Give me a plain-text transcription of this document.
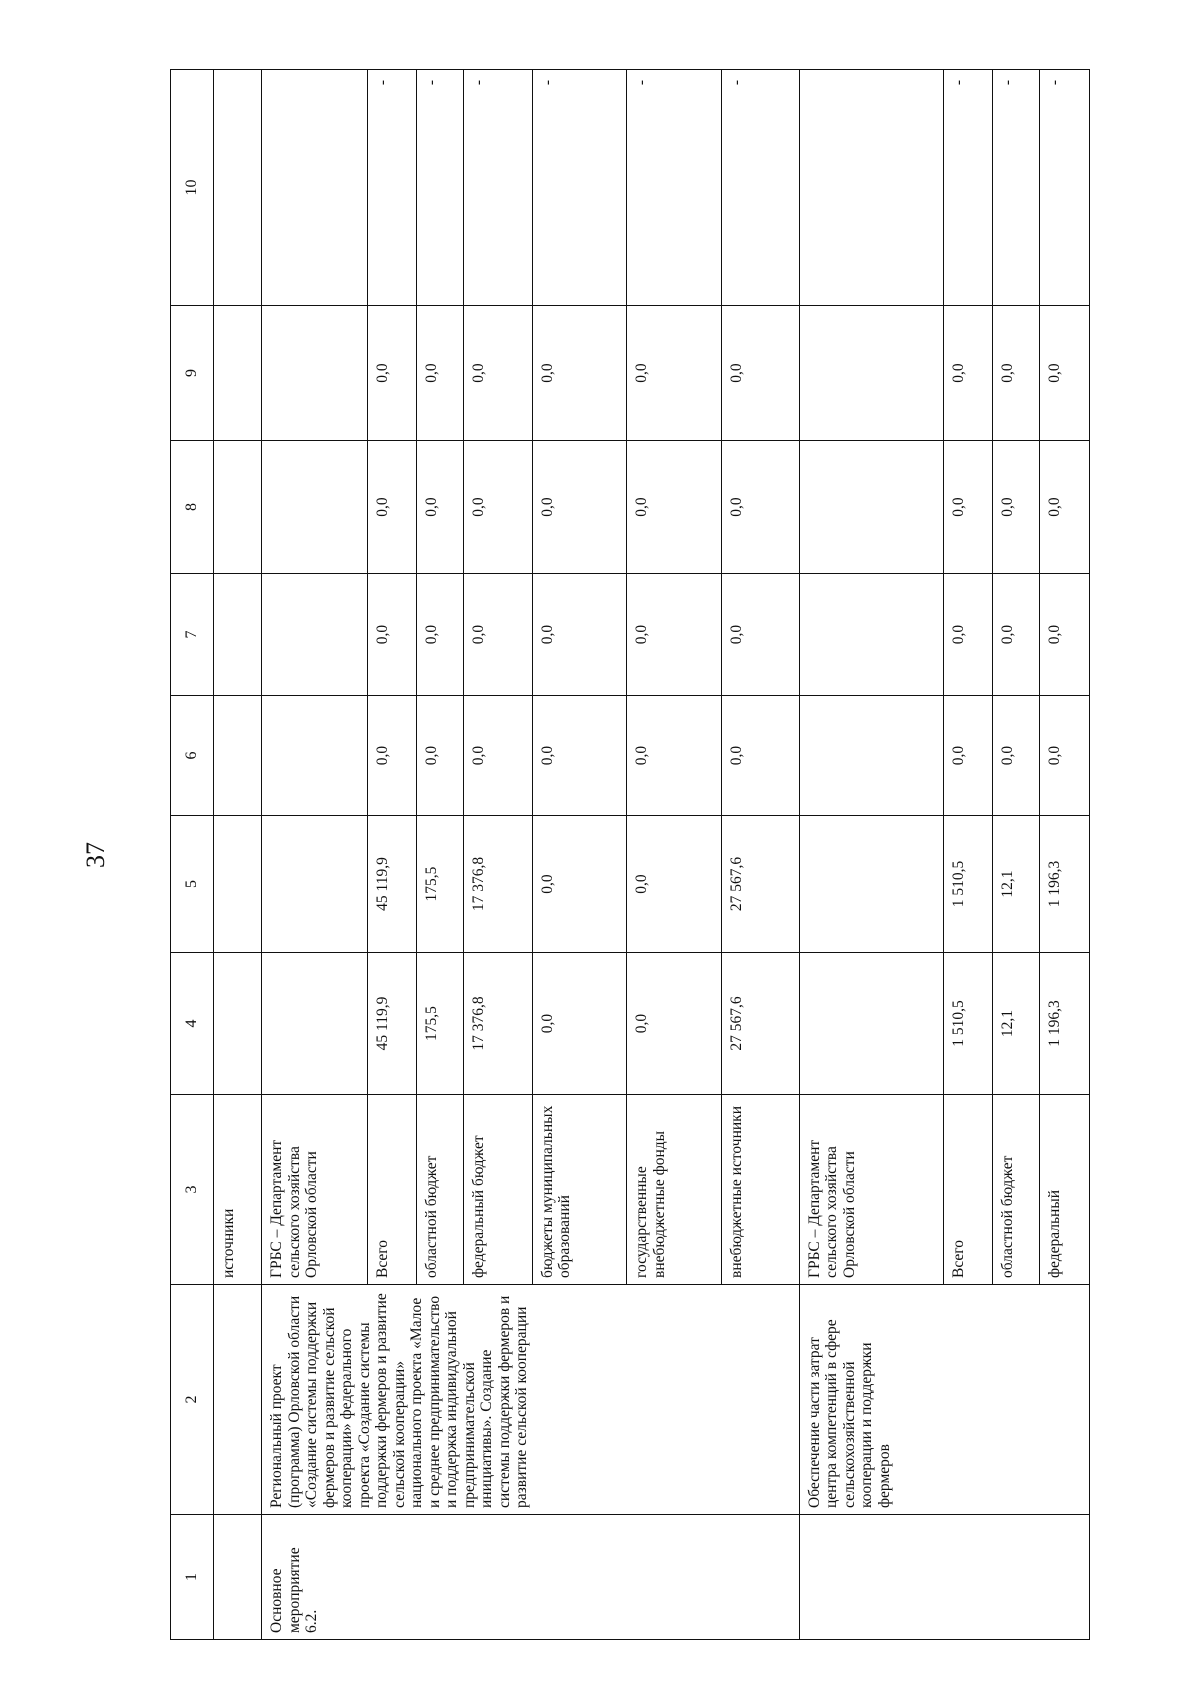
37
1	2	3	4	5	6	7	8	9	10
		источники							
Основное мероприятие 6.2.	Региональный проект (программа) Орловской области «Создание системы поддержки фермеров и развитие сельской кооперации» федерального проекта «Создание системы поддержки фермеров и развитие сельской кооперации» национального проекта «Малое и среднее предпринимательство и поддержка индивидуальной предпринимательской инициативы». Создание системы поддержки фермеров и развитие сельской кооперации	ГРБС – Департамент сельского хозяйства Орловской области							
		Всего	45 119,9	45 119,9	0,0	0,0	0,0	0,0	-
		областной бюджет	175,5	175,5	0,0	0,0	0,0	0,0	-
		федеральный бюджет	17 376,8	17 376,8	0,0	0,0	0,0	0,0	-
		бюджеты муниципальных образований	0,0	0,0	0,0	0,0	0,0	0,0	-
		государственные внебюджетные фонды	0,0	0,0	0,0	0,0	0,0	0,0	-
		внебюджетные источники	27 567,6	27 567,6	0,0	0,0	0,0	0,0	-
	Обеспечение части затрат центра компетенций в сфере сельскохозяйственной кооперации и поддержки фермеров	ГРБС – Департамент сельского хозяйства Орловской области							
		Всего	1 510,5	1 510,5	0,0	0,0	0,0	0,0	-
		областной бюджет	12,1	12,1	0,0	0,0	0,0	0,0	-
		федеральный	1 196,3	1 196,3	0,0	0,0	0,0	0,0	-
